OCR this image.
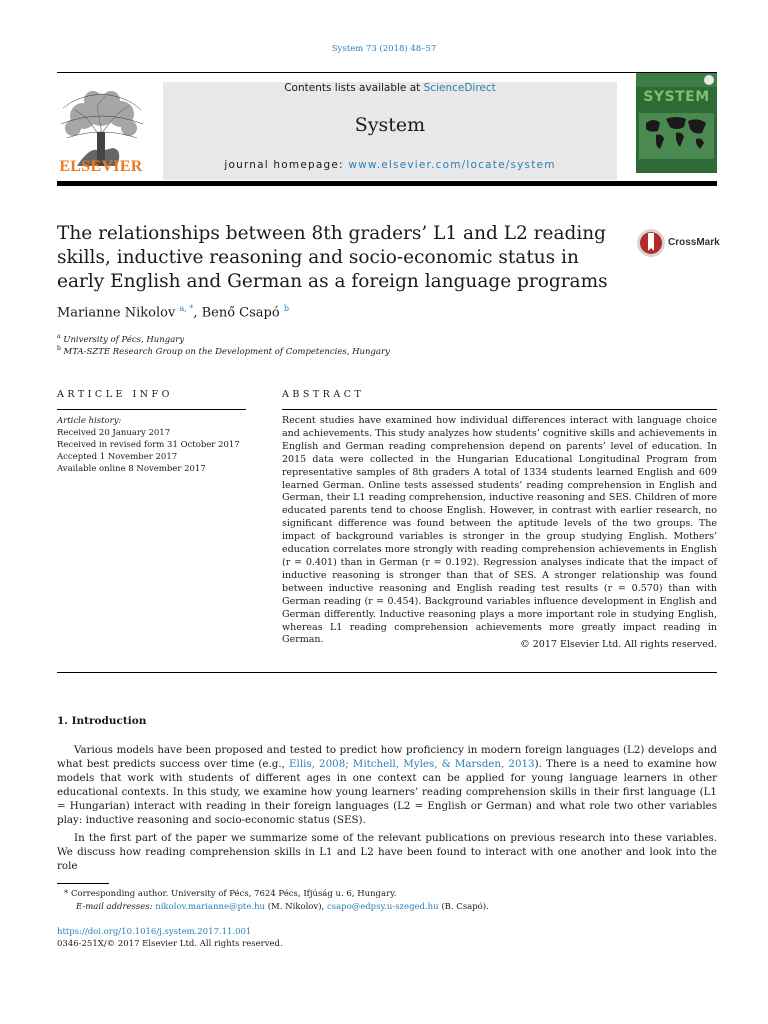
System 73 (2018) 48–57
ELSEVIER
Contents lists available at ScienceDirect
System
journal homepage: www.elsevier.com/locate/system
SYSTEM
The relationships between 8th graders’ L1 and L2 reading skills, inductive reasoning and socio-economic status in early English and German as a foreign language programs
CrossMark
Marianne Nikolov $^{a, *}$, Benő Csapó $^b$
$^a$ University of Pécs, Hungary
$^b$ MTA-SZTE Research Group on the Development of Competencies, Hungary
ARTICLE INFO	ABSTRACT
Article history:
Received 20 January 2017
Received in revised form 31 October 2017
Accepted 1 November 2017
Available online 8 November 2017
Recent studies have examined how individual differences interact with language choice and achievements. This study analyzes how students’ cognitive skills and achievements in English and German reading comprehension depend on parents’ level of education. In 2015 data were collected in the Hungarian Educational Longitudinal Program from representative samples of 8th graders A total of 1334 students learned English and 609 learned German. Online tests assessed students’ reading comprehension in English and German, their L1 reading comprehension, inductive reasoning and SES. Children of more educated parents tend to choose English. However, in contrast with earlier research, no significant difference was found between the aptitude levels of the two groups. The impact of background variables is stronger in the group studying English. Mothers’ education correlates more strongly with reading comprehension achievements in English (r = 0.401) than in German (r = 0.192). Regression analyses indicate that the impact of inductive reasoning is stronger than that of SES. A stronger relationship was found between inductive reasoning and English reading test results (r = 0.570) than with German reading (r = 0.454). Background variables influence development in English and German differently. Inductive reasoning plays a more important role in studying English, whereas L1 reading comprehension achievements more greatly impact reading in German.	© 2017 Elsevier Ltd. All rights reserved.
1. Introduction
Various models have been proposed and tested to predict how proficiency in modern foreign languages (L2) develops and what best predicts success over time (e.g., Ellis, 2008; Mitchell, Myles, & Marsden, 2013). There is a need to examine how models that work with students of different ages in one context can be applied for young language learners in other educational contexts. In this study, we examine how young learners’ reading comprehension skills in their first language (L1 = Hungarian) interact with reading in their foreign languages (L2 = English or German) and what role two other variables play: inductive reasoning and socio-economic status (SES).
In the first part of the paper we summarize some of the relevant publications on previous research into these variables. We discuss how reading comprehension skills in L1 and L2 have been found to interact with one another and look into the role
* Corresponding author. University of Pécs, 7624 Pécs, Ifjúság u. 6, Hungary.
E-mail addresses: nikolov.marianne@pte.hu (M. Nikolov), csapo@edpsy.u-szeged.hu (B. Csapó).
https://doi.org/10.1016/j.system.2017.11.001
0346-251X/© 2017 Elsevier Ltd. All rights reserved.
